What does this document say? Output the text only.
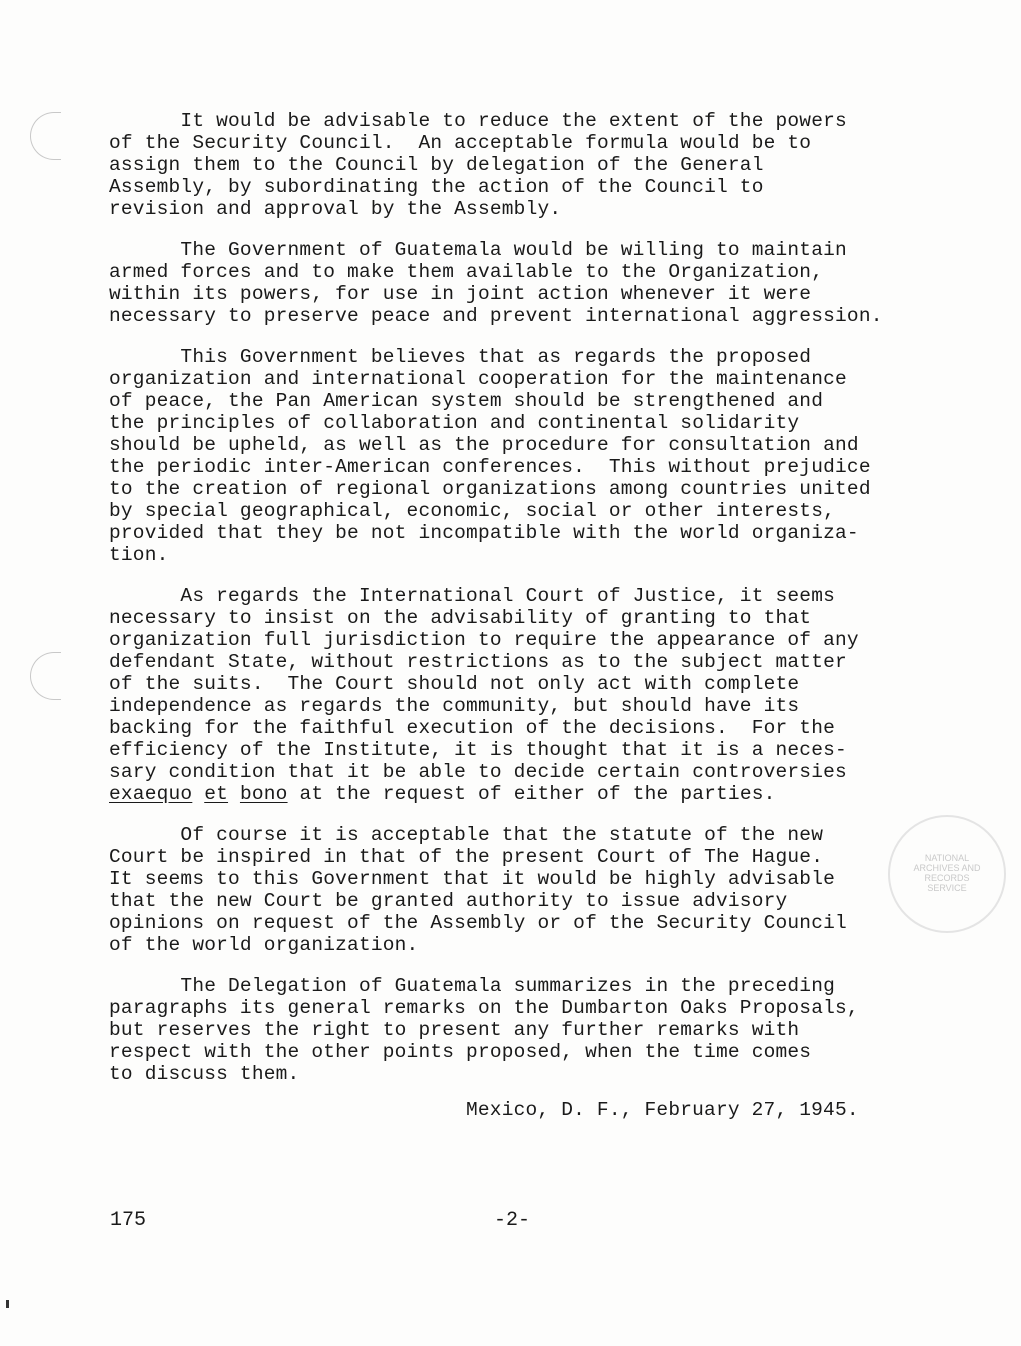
NATIONAL
ARCHIVES AND
RECORDS
SERVICE
It would be advisable to reduce the extent of the powers
of the Security Council.  An acceptable formula would be to
assign them to the Council by delegation of the General
Assembly, by subordinating the action of the Council to
revision and approval by the Assembly.
The Government of Guatemala would be willing to maintain
armed forces and to make them available to the Organization,
within its powers, for use in joint action whenever it were
necessary to preserve peace and prevent international aggression.
This Government believes that as regards the proposed
organization and international cooperation for the maintenance
of peace, the Pan American system should be strengthened and
the principles of collaboration and continental solidarity
should be upheld, as well as the procedure for consultation and
the periodic inter-American conferences.  This without prejudice
to the creation of regional organizations among countries united
by special geographical, economic, social or other interests,
provided that they be not incompatible with the world organiza-
tion.
As regards the International Court of Justice, it seems
necessary to insist on the advisability of granting to that
organization full jurisdiction to require the appearance of any
defendant State, without restrictions as to the subject matter
of the suits.  The Court should not only act with complete
independence as regards the community, but should have its
backing for the faithful execution of the decisions.  For the
efficiency of the Institute, it is thought that it is a neces-
sary condition that it be able to decide certain controversies
exaequo et bono at the request of either of the parties.
Of course it is acceptable that the statute of the new
Court be inspired in that of the present Court of The Hague.
It seems to this Government that it would be highly advisable
that the new Court be granted authority to issue advisory
opinions on request of the Assembly or of the Security Council
of the world organization.
The Delegation of Guatemala summarizes in the preceding
paragraphs its general remarks on the Dumbarton Oaks Proposals,
but reserves the right to present any further remarks with
respect with the other points proposed, when the time comes
to discuss them.
Mexico, D. F., February 27, 1945.
175	-2-
